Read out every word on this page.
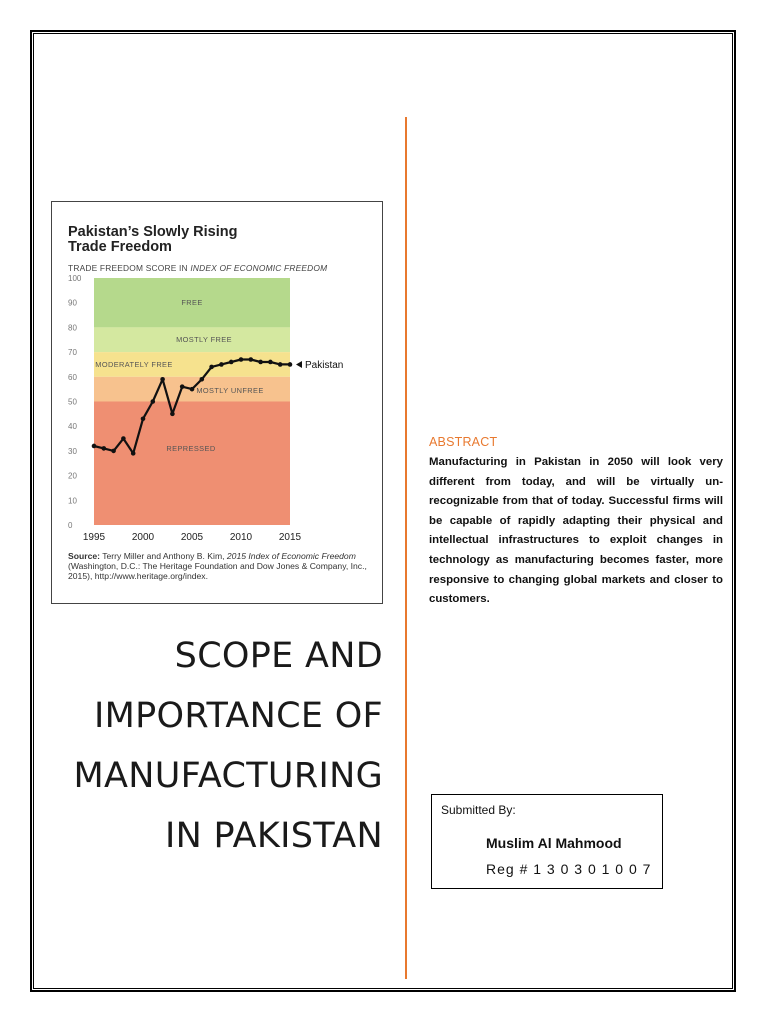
Pakistan’s Slowly Rising
Trade Freedom
TRADE FREEDOM SCORE IN INDEX OF ECONOMIC FREEDOM
FREE
MOSTLY FREE
MODERATELY FREE
MOSTLY UNFREE
REPRESSED
0
10
20
30
40
50
60
70
80
90
100
1995	2000	2005	2010	2015
Pakistan
Source: Terry Miller and Anthony B. Kim, 2015 Index of Economic Freedom (Washington, D.C.: The Heritage Foundation and Dow Jones & Company, Inc., 2015), http://www.heritage.org/index.
SCOPE AND
IMPORTANCE OF
MANUFACTURING
IN PAKISTAN
ABSTRACT
Manufacturing in Pakistan in 2050 will look very different from today, and will be virtually un-recognizable from that of today. Successful firms will be capable of rapidly adapting their physical and intellectual infrastructures to exploit changes in technology as manufacturing becomes faster, more responsive to changing global markets and closer to customers.
Submitted By:
Muslim Al Mahmood
Reg # 1 3 0 3 0 1 0 0 7
